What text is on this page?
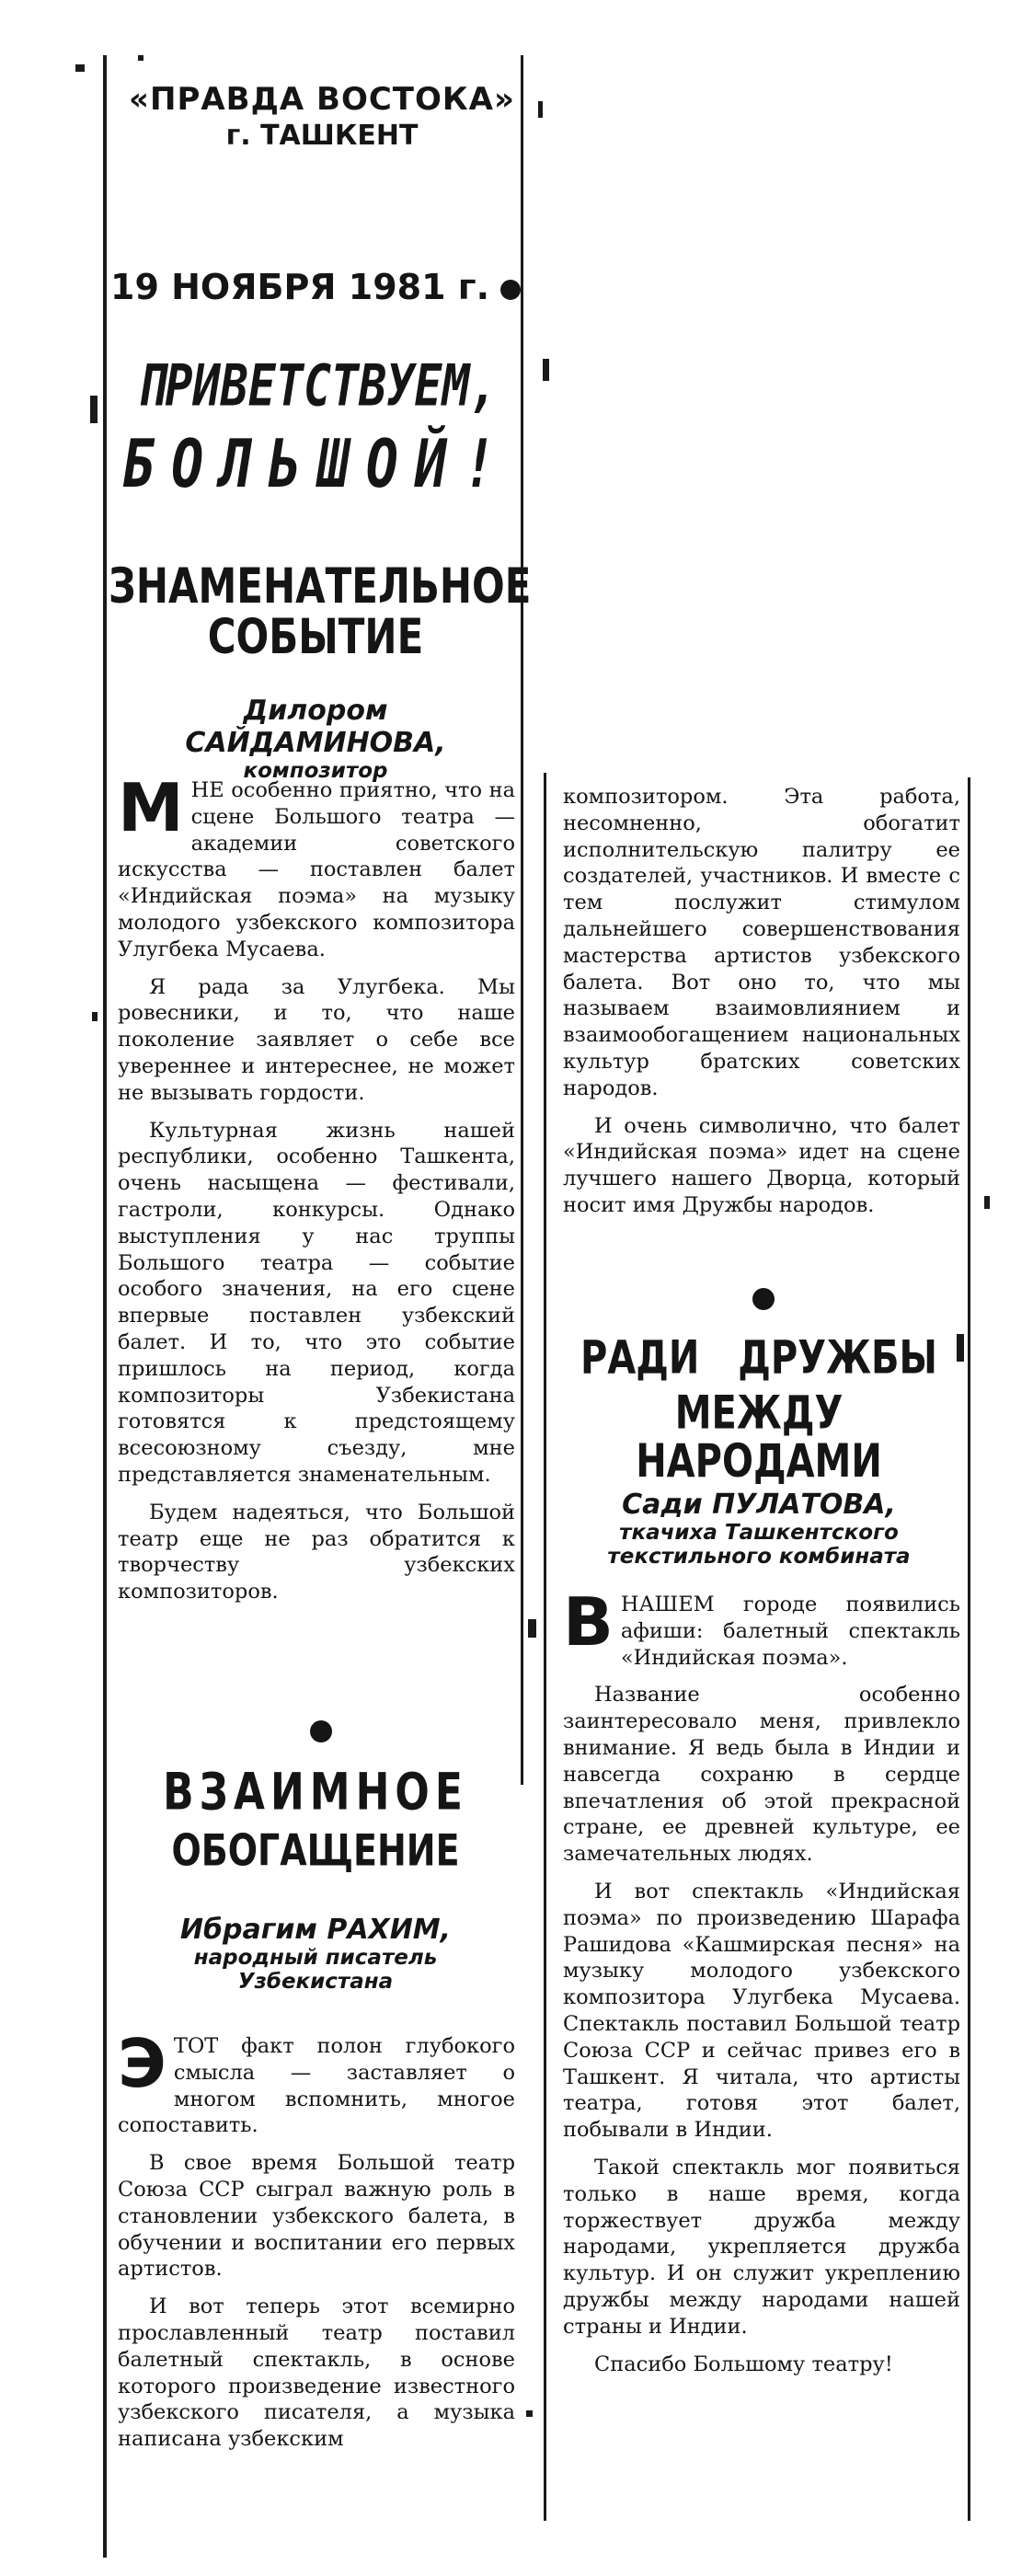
«ПРАВДА ВОСТОКА»
г. ТАШКЕНТ
19 НОЯБРЯ 1981 г.
ПРИВЕТСТВУЕМ,
БОЛЬШОЙ!
ЗНАМЕНАТЕЛЬНОЕ
СОБЫТИЕ
Дилором САЙДАМИНОВА,
композитор

МНЕ особенно приятно, что на сцене Большого театра — академии советского искусства — поставлен балет «Индийская поэма» на музыку молодого узбекского композитора Улугбека Мусаева.

Я рада за Улугбека. Мы ровесники, и то, что наше поколение заявляет о себе все увереннее и интереснее, не может не вызывать гордости.

Культурная жизнь нашей республики, особенно Ташкента, очень насыщена — фестивали, гастроли, конкурсы. Однако выступления у нас труппы Большого театра — событие особого значения, на его сцене впервые поставлен узбекский балет. И то, что это событие пришлось на период, когда композиторы Узбекистана готовятся к предстоящему всесоюзному съезду, мне представляется знаменательным.

Будем надеяться, что Большой театр еще не раз обратится к творчеству узбекских композиторов.

ВЗАИМНОЕ
ОБОГАЩЕНИЕ
Ибрагим РАХИМ,
народный писатель
Узбекистана

ЭТОТ факт полон глубокого смысла — заставляет о многом вспомнить, многое сопоставить.

В свое время Большой театр Союза ССР сыграл важную роль в становлении узбекского балета, в обучении и воспитании его первых артистов.

И вот теперь этот всемирно прославленный театр поставил балетный спектакль, в основе которого произведение известного узбекского писателя, а музыка написана узбекским

композитором. Эта работа, несомненно, обогатит исполнительскую палитру ее создателей, участников. И вместе с тем послужит стимулом дальнейшего совершенствования мастерства артистов узбекского балета. Вот оно то, что мы называем взаимовлиянием и взаимообогащением национальных культур братских советских народов.

И очень символично, что балет «Индийская поэма» идет на сцене лучшего нашего Дворца, который носит имя Дружбы народов.

РАДИ ДРУЖБЫ
МЕЖДУ НАРОДАМИ
Сади ПУЛАТОВА,
ткачиха Ташкентского
текстильного комбината

ВНАШЕМ городе появились афиши: балетный спектакль «Индийская поэма».

Название особенно заинтересовало меня, привлекло внимание. Я ведь была в Индии и навсегда сохраню в сердце впечатления об этой прекрасной стране, ее древней культуре, ее замечательных людях.

И вот спектакль «Индийская поэма» по произведению Шарафа Рашидова «Кашмирская песня» на музыку молодого узбекского композитора Улугбека Мусаева. Спектакль поставил Большой театр Союза ССР и сейчас привез его в Ташкент. Я читала, что артисты театра, готовя этот балет, побывали в Индии.

Такой спектакль мог появиться только в наше время, когда торжествует дружба между народами, укрепляется дружба культур. И он служит укреплению дружбы между народами нашей страны и Индии.

Спасибо Большому театру!
